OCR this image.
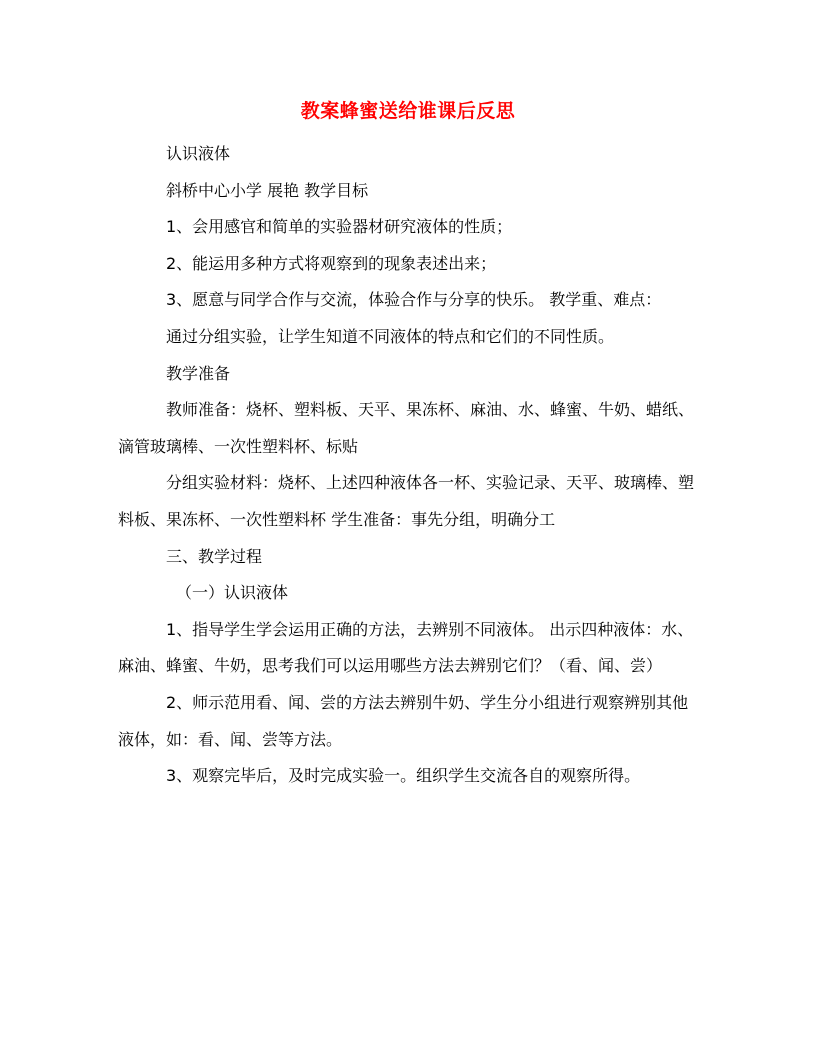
教案蜂蜜送给谁课后反思

认识液体

斜桥中心小学 展艳 教学目标

1、会用感官和简单的实验器材研究液体的性质；

2、能运用多种方式将观察到的现象表述出来；

3、愿意与同学合作与交流，体验合作与分享的快乐。 教学重、难点：

通过分组实验，让学生知道不同液体的特点和它们的不同性质。

教学准备

教师准备：烧杯、塑料板、天平、果冻杯、麻油、水、蜂蜜、牛奶、蜡纸、滴管玻璃棒、一次性塑料杯、标贴

分组实验材料：烧杯、上述四种液体各一杯、实验记录、天平、玻璃棒、塑料板、果冻杯、一次性塑料杯 学生准备：事先分组，明确分工

三、教学过程

（一）认识液体

1、指导学生学会运用正确的方法，去辨别不同液体。 出示四种液体：水、麻油、蜂蜜、牛奶，思考我们可以运用哪些方法去辨别它们？（看、闻、尝）

2、师示范用看、闻、尝的方法去辨别牛奶、学生分小组进行观察辨别其他液体，如：看、闻、尝等方法。

3、观察完毕后，及时完成实验一。组织学生交流各自的观察所得。
